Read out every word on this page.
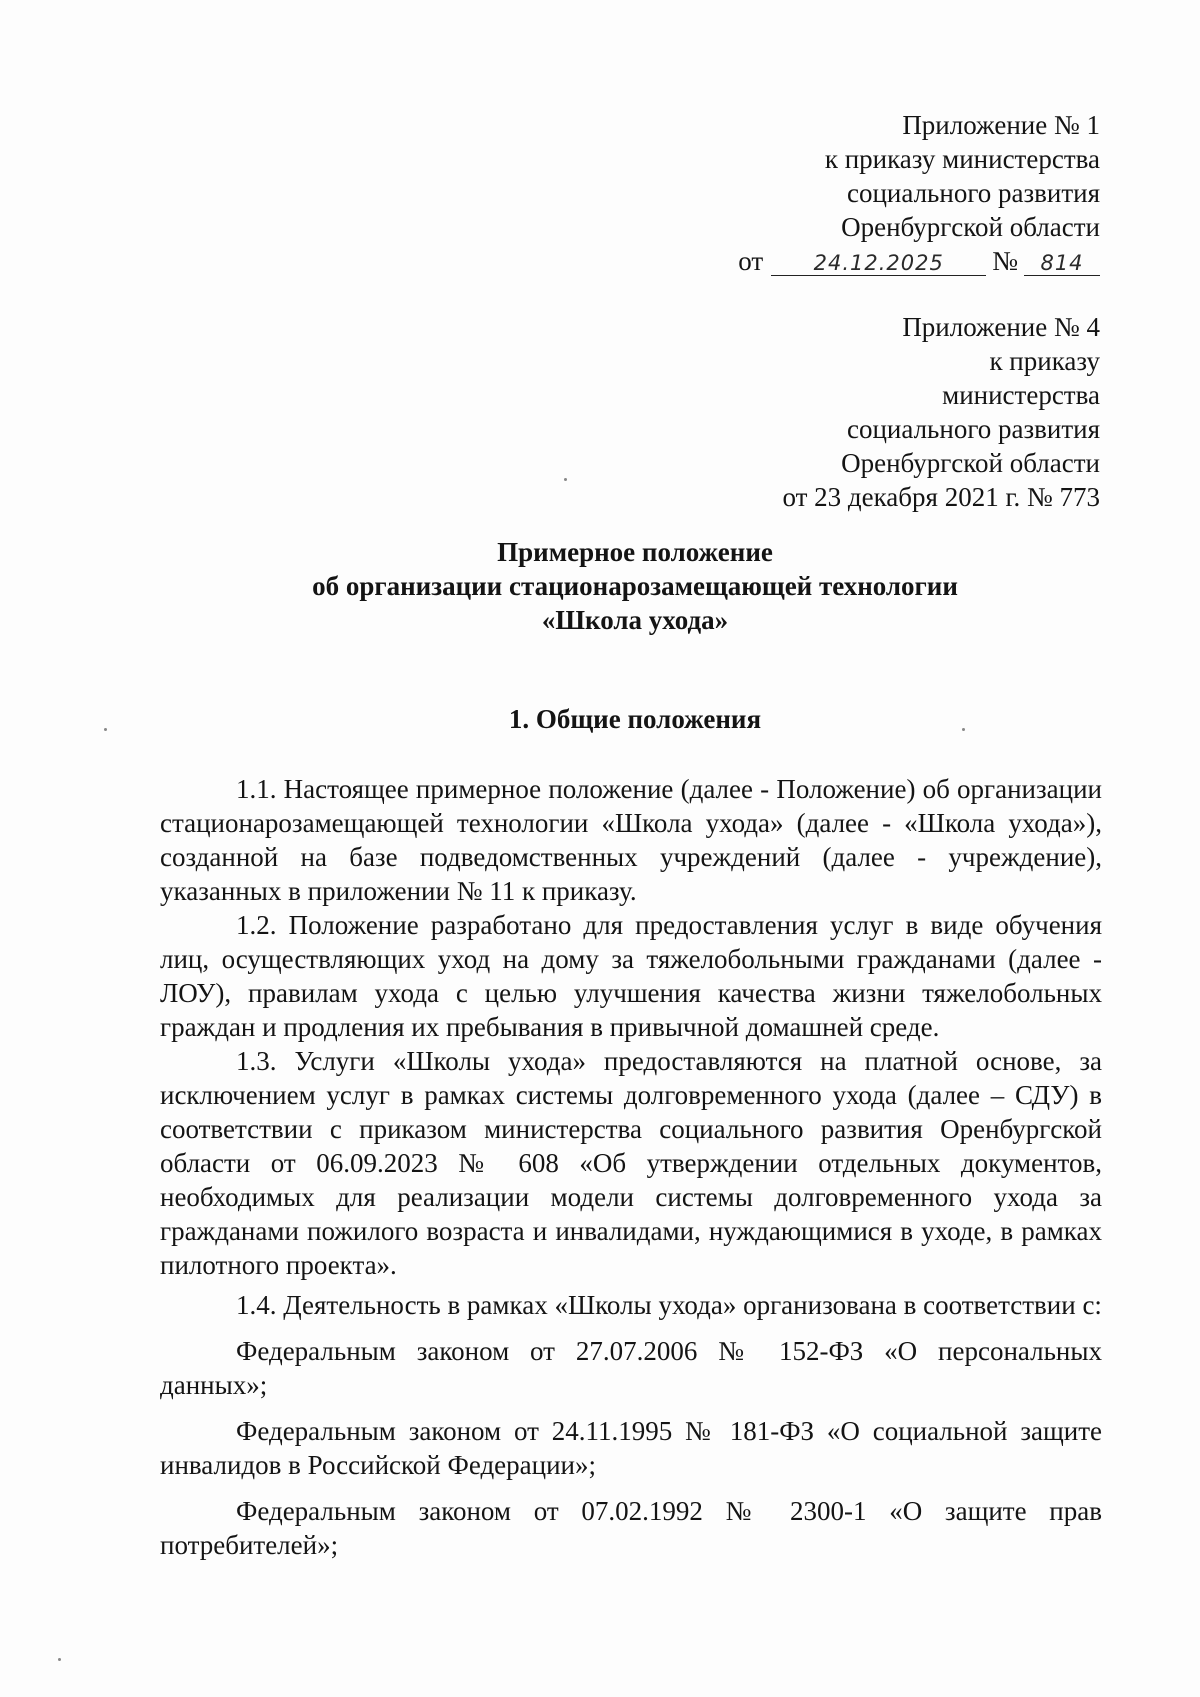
Приложение № 1
к приказу министерства
социального развития
Оренбургской области
от 24.12.2025 № 814
Приложение № 4
к приказу
министерства
социального развития
Оренбургской области
от 23 декабря 2021 г. № 773
Примерное положение
об организации стационарозамещающей технологии
«Школа ухода»
1. Общие положения

1.1. Настоящее примерное положение (далее - Положение) об организации стационарозамещающей технологии «Школа ухода» (далее - «Школа ухода»), созданной на базе подведомственных учреждений (далее - учреждение), указанных в приложении № 11 к приказу.

1.2. Положение разработано для предоставления услуг в виде обучения лиц, осуществляющих уход на дому за тяжелобольными гражданами (далее - ЛОУ), правилам ухода с целью улучшения качества жизни тяжелобольных граждан и продления их пребывания в привычной домашней среде.

1.3. Услуги «Школы ухода» предоставляются на платной основе, за исключением услуг в рамках системы долговременного ухода (далее – СДУ) в соответствии с приказом министерства социального развития Оренбургской области от 06.09.2023 № 608 «Об утверждении отдельных документов, необходимых для реализации модели системы долговременного ухода за гражданами пожилого возраста и инвалидами, нуждающимися в уходе, в рамках пилотного проекта».

1.4. Деятельность в рамках «Школы ухода» организована в соответствии с:

Федеральным законом от 27.07.2006 № 152-ФЗ «О персональных данных»;

Федеральным законом от 24.11.1995 № 181-ФЗ «О социальной защите инвалидов в Российской Федерации»;

Федеральным законом от 07.02.1992 № 2300-1 «О защите прав потребителей»;
